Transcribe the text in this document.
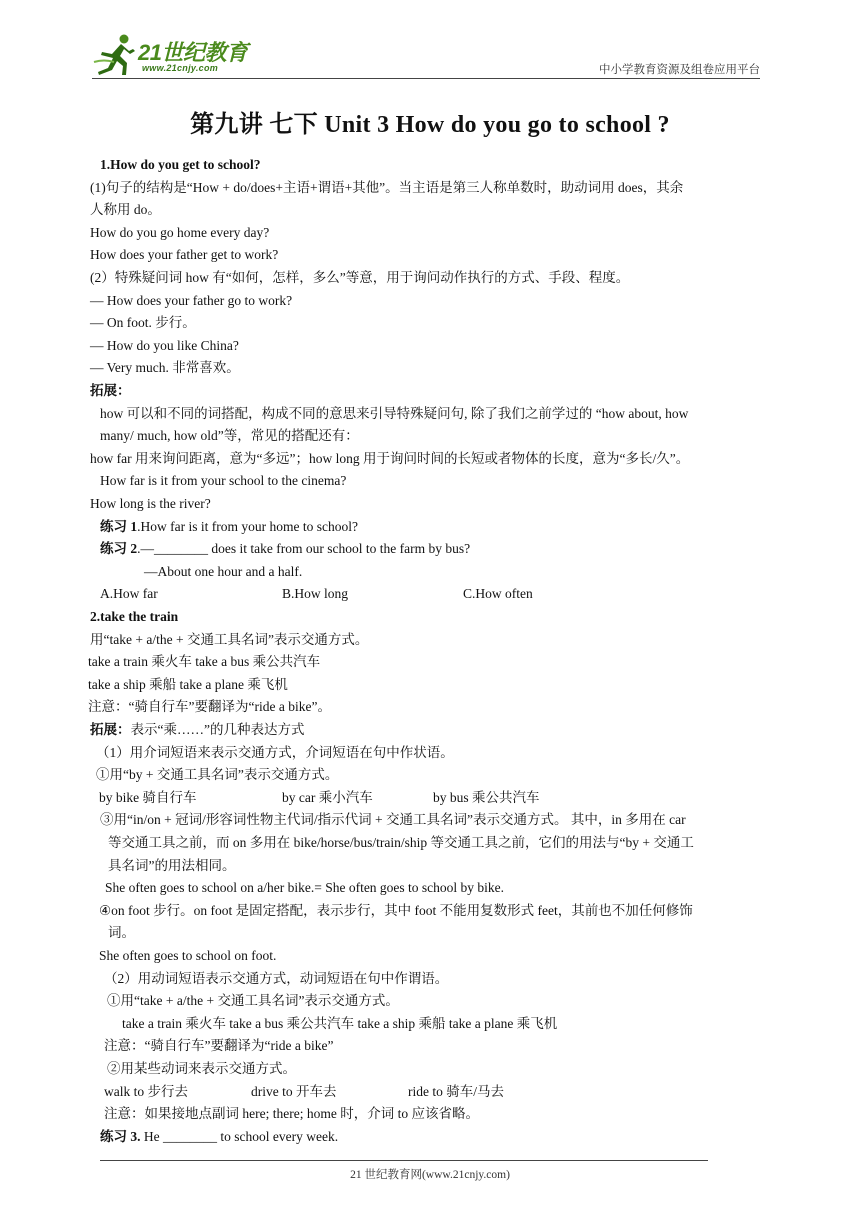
21世纪教育
www.21cnjy.com	中小学教育资源及组卷应用平台
第九讲 七下 Unit 3 How do you go to school ?
1.How do you get to school?
(1)句子的结构是“How + do/does+主语+谓语+其他”。当主语是第三人称单数时，助动词用 does，其余
人称用 do。
How do you go home every day?
How does your father get to work?
(2）特殊疑问词 how 有“如何，怎样，多么”等意，用于询问动作执行的方式、手段、程度。
— How does your father go to work?
— On foot. 步行。
— How do you like China?
— Very much. 非常喜欢。
拓展：
how 可以和不同的词搭配，构成不同的意思来引导特殊疑问句, 除了我们之前学过的 “how about, how
many/ much, how old”等，常见的搭配还有：
how far 用来询问距离，意为“多远”；how long 用于询问时间的长短或者物体的长度，意为“多长/久”。
How far is it from your school to the cinema?
How long is the river?
练习 1.How far is it from your home to school?
练习 2.—________ does it take from our school to the farm by bus?
—About one hour and a half.
A.How far	B.How long	C.How often
2.take the train
用“take + a/the + 交通工具名词”表示交通方式。
take a train 乘火车 take a bus 乘公共汽车
take a ship 乘船 take a plane 乘飞机
注意：“骑自行车”要翻译为“ride a bike”。
拓展：表示“乘……”的几种表达方式
（1）用介词短语来表示交通方式，介词短语在句中作状语。
①用“by + 交通工具名词”表示交通方式。
by bike 骑自行车	by car 乘小汽车	by bus 乘公共汽车
③用“in/on + 冠词/形容词性物主代词/指示代词 + 交通工具名词”表示交通方式。 其中，in 多用在 car
等交通工具之前，而 on 多用在 bike/horse/bus/train/ship 等交通工具之前，它们的用法与“by + 交通工
具名词”的用法相同。
She often goes to school on a/her bike.= She often goes to school by bike.
④on foot 步行。on foot 是固定搭配，表示步行，其中 foot 不能用复数形式 feet，其前也不加任何修饰
词。
She often goes to school on foot.
（2）用动词短语表示交通方式，动词短语在句中作谓语。
①用“take + a/the + 交通工具名词”表示交通方式。
take a train 乘火车 take a bus 乘公共汽车 take a ship 乘船 take a plane 乘飞机
注意：“骑自行车”要翻译为“ride a bike”
②用某些动词来表示交通方式。
walk to 步行去	drive to 开车去	ride to 骑车/马去
注意：如果接地点副词 here; there; home 时，介词 to 应该省略。
练习 3. He ________ to school every week.
21 世纪教育网(www.21cnjy.com)
